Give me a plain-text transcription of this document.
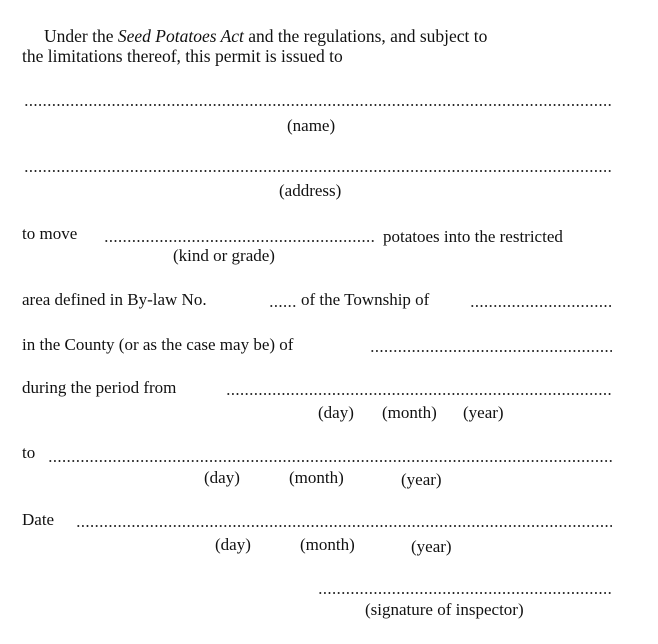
Under the Seed Potatoes Act and the regulations, and subject to
the limitations thereof, this permit is issued to
(name)
(address)
to move	potatoes into the restricted
(kind or grade)
area defined in By-law No.	of the Township of
in the County (or as the case may be) of
during the period from
(day) (month) (year)
to
(day)	(month)	(year)
Date
(day)	(month)	(year)
(signature of inspector)
